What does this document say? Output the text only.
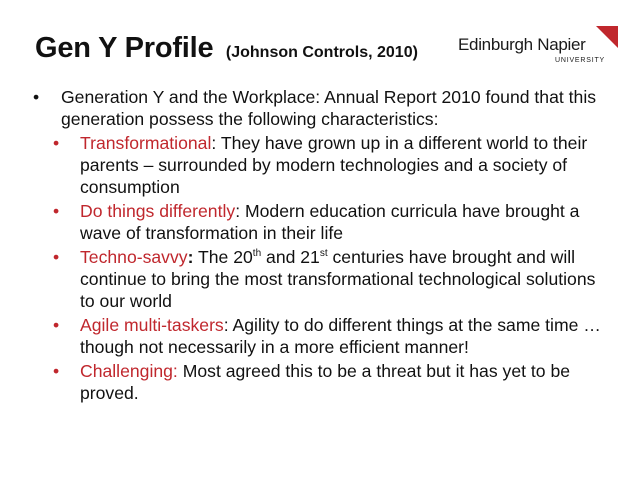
Gen Y Profile (Johnson Controls, 2010) Edinburgh Napier
UNIVERSITY
• Generation Y and the Workplace: Annual Report 2010 found that this generation possess the following characteristics:
• Transformational: They have grown up in a different world to their parents – surrounded by modern technologies and a society of consumption
• Do things differently: Modern education curricula have brought a wave of transformation in their life
• Techno-savvy: The 20th and 21st centuries have brought and will continue to bring the most transformational technological solutions to our world
• Agile multi-taskers: Agility to do different things at the same time … though not necessarily in a more efficient manner!
• Challenging: Most agreed this to be a threat but it has yet to be proved.
